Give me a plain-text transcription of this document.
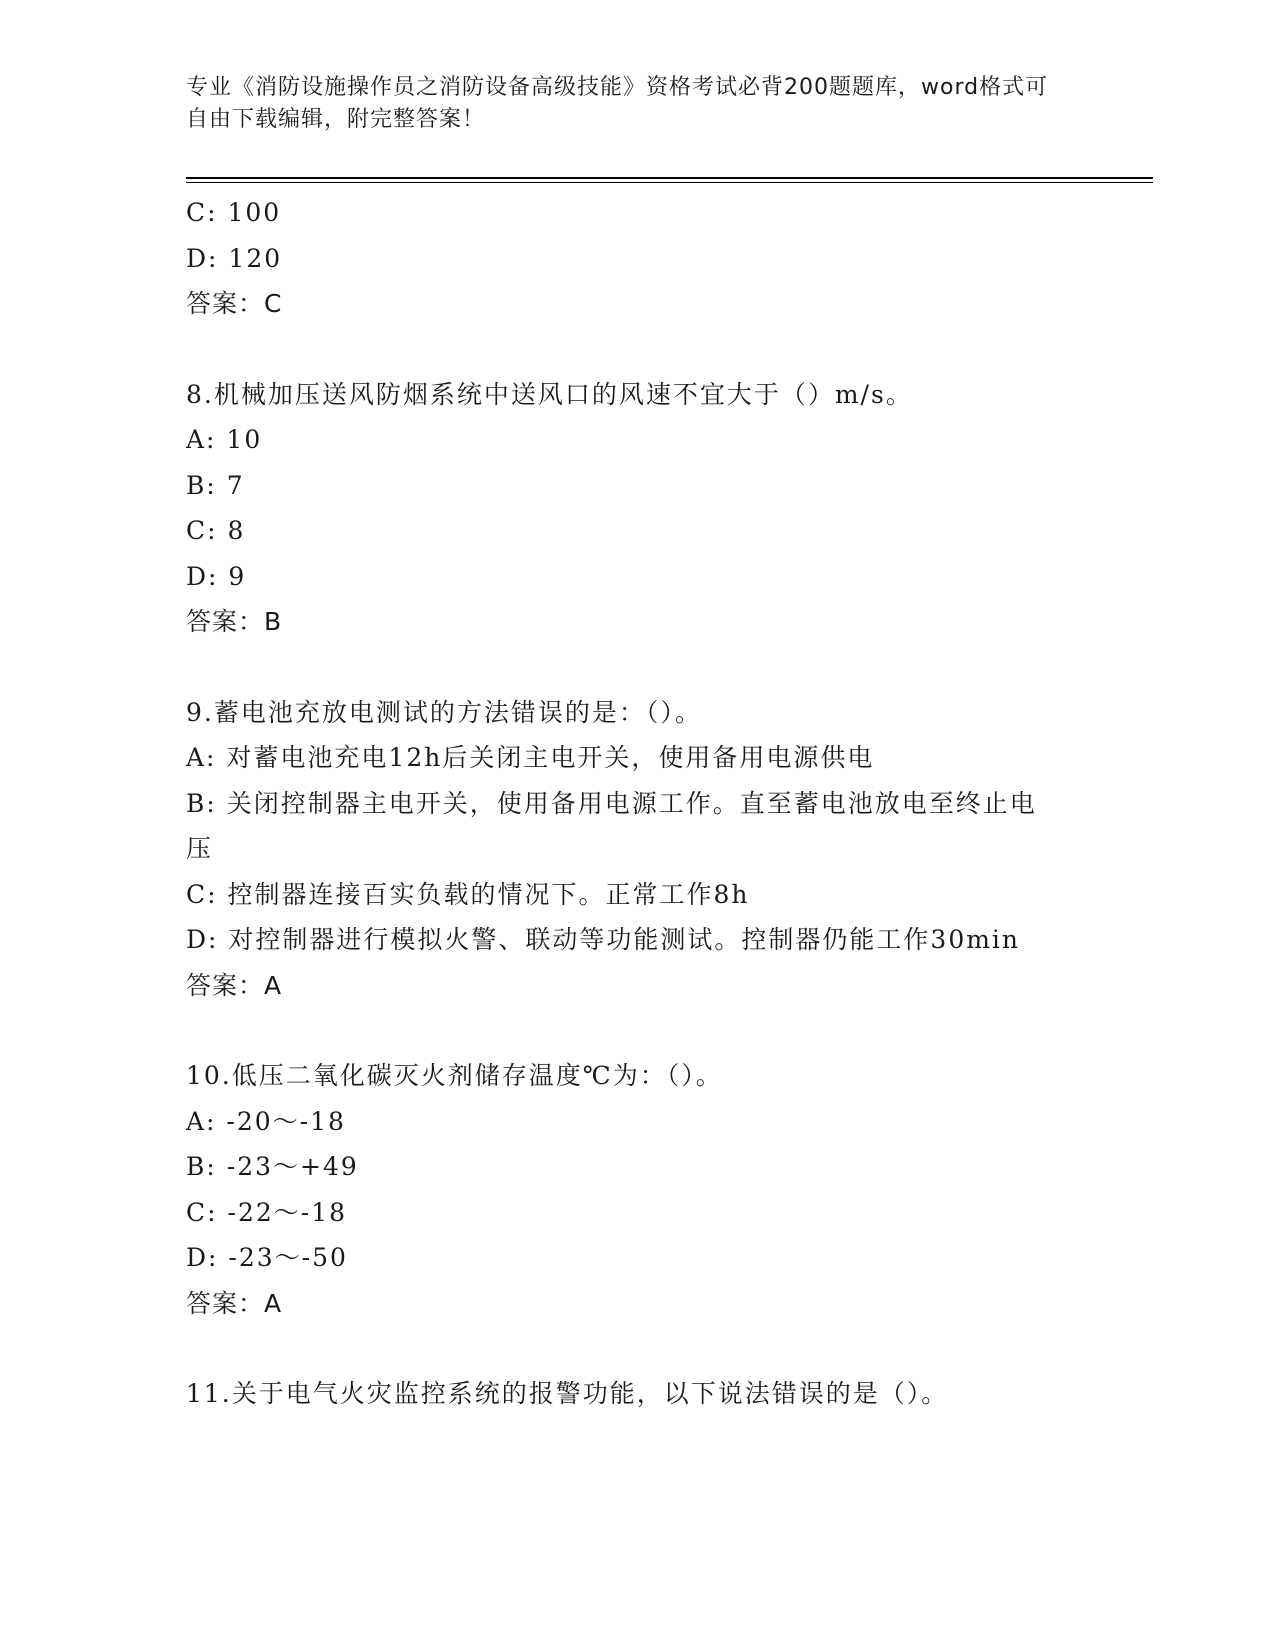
专业《消防设施操作员之消防设备高级技能》资格考试必背200题题库，word格式可自由下载编辑，附完整答案！
C: 100
D: 120
答案：C
8.机械加压送风防烟系统中送风口的风速不宜大于（）m/s。
A: 10
B: 7
C: 8
D: 9
答案：B
9.蓄电池充放电测试的方法错误的是：（）。
A: 对蓄电池充电12h后关闭主电开关，使用备用电源供电
B: 关闭控制器主电开关，使用备用电源工作。直至蓄电池放电至终止电压
C: 控制器连接百实负载的情况下。正常工作8h
D: 对控制器进行模拟火警、联动等功能测试。控制器仍能工作30min
答案：A
10.低压二氧化碳灭火剂储存温度℃为：（）。
A: -20～-18
B: -23～+49
C: -22～-18
D: -23～-50
答案：A
11.关于电气火灾监控系统的报警功能，以下说法错误的是（）。
